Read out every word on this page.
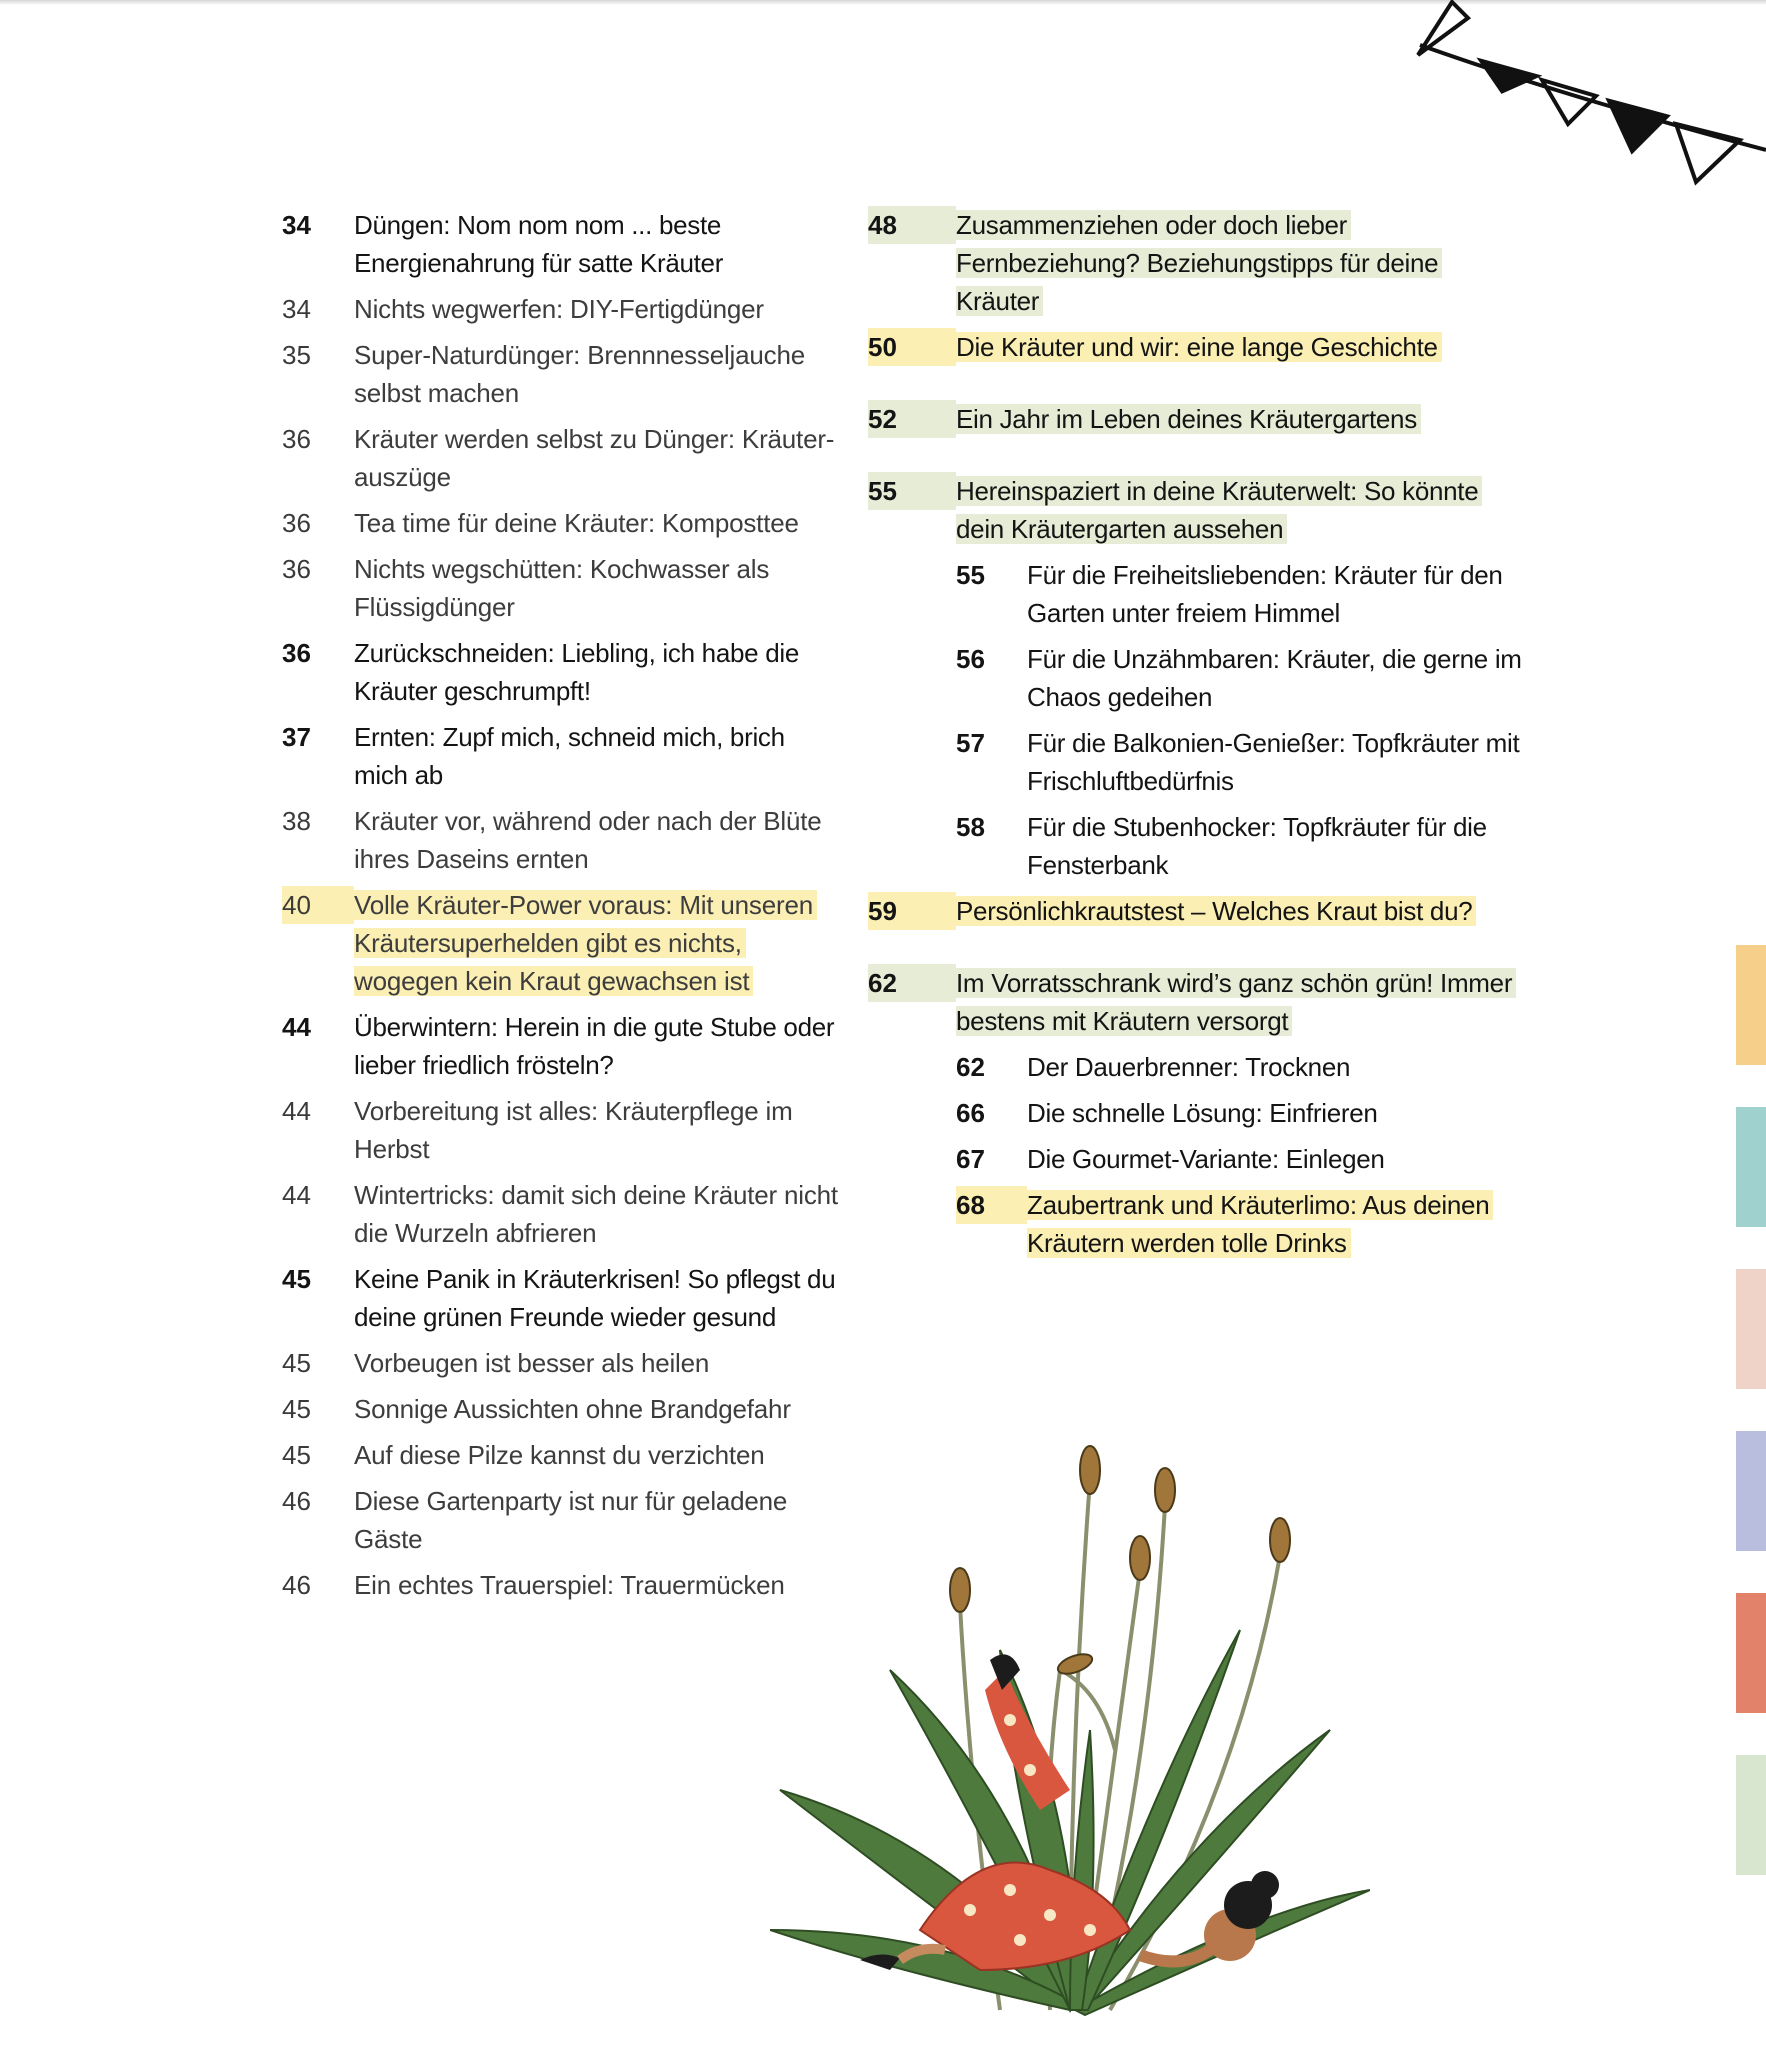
34	Düngen: Nom nom nom ... beste Energienahrung für satte Kräuter
34	Nichts wegwerfen: DIY-Fertigdünger
35	Super-Naturdünger: Brennnesseljauche selbst machen
36	Kräuter werden selbst zu Dünger: Kräuterauszüge
36	Tea time für deine Kräuter: Komposttee
36	Nichts wegschütten: Kochwasser als Flüssigdünger
36	Zurückschneiden: Liebling, ich habe die Kräuter geschrumpft!
37	Ernten: Zupf mich, schneid mich, brich mich ab
38	Kräuter vor, während oder nach der Blüte ihres Daseins ernten
40	Volle Kräuter-Power voraus: Mit unseren Kräutersuperhelden gibt es nichts, wogegen kein Kraut gewachsen ist
44	Überwintern: Herein in die gute Stube oder lieber friedlich frösteln?
44	Vorbereitung ist alles: Kräuterpflege im Herbst
44	Wintertricks: damit sich deine Kräuter nicht die Wurzeln abfrieren
45	Keine Panik in Kräuterkrisen! So pflegst du deine grünen Freunde wieder gesund
45	Vorbeugen ist besser als heilen
45	Sonnige Aussichten ohne Brandgefahr
45	Auf diese Pilze kannst du verzichten
46	Diese Gartenparty ist nur für geladene Gäste
46	Ein echtes Trauerspiel: Trauermücken
48	Zusammenziehen oder doch lieber Fernbeziehung? Beziehungstipps für deine Kräuter
50	Die Kräuter und wir: eine lange Geschichte
52	Ein Jahr im Leben deines Kräutergartens
55	Hereinspaziert in deine Kräuterwelt: So könnte dein Kräutergarten aussehen
55	Für die Freiheitsliebenden: Kräuter für den Garten unter freiem Himmel
56	Für die Unzähmbaren: Kräuter, die gerne im Chaos gedeihen
57	Für die Balkonien-Genießer: Topfkräuter mit Frischluftbedürfnis
58	Für die Stubenhocker: Topfkräuter für die Fensterbank
59	Persönlichkrautstest – Welches Kraut bist du?
62	Im Vorratsschrank wird’s ganz schön grün! Immer bestens mit Kräutern versorgt
62	Der Dauerbrenner: Trocknen
66	Die schnelle Lösung: Einfrieren
67	Die Gourmet-Variante: Einlegen
68	Zaubertrank und Kräuterlimo: Aus deinen Kräutern werden tolle Drinks
